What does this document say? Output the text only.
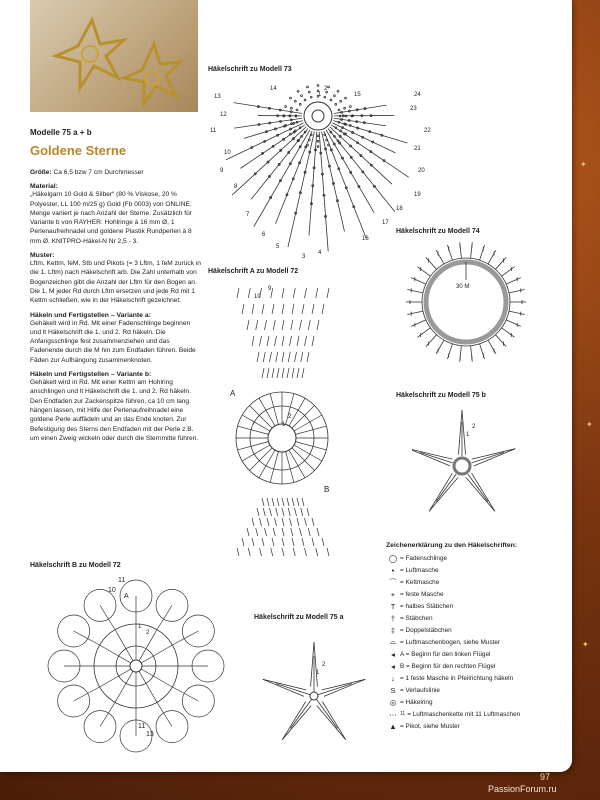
✦
✦
✦
Modelle 75 a + b
Goldene Sterne

Größe: Ca 6,5 bzw 7 cm Durchmesser

Material:

„Häkelgarn 10 Gold & Silber“ (80 % Viskose, 20 % Polyester, LL 100 m/25 g) Gold (Fb 0003) von ONLINE; Menge variiert je nach Anzahl der Sterne. Zusätzlich für Variante b von RAYHER: Hohlringe à 16 mm Ø, 1 Perlenaufreihnadel und goldene Plastik Rundperlen à 8 mm Ø. KNITPRO-Häkel-N Nr 2,5 - 3.

Muster:

Lftm, Kettm, feM, Stb und Pikots (= 3 Lftm, 1 feM zurück in die 1. Lftm) nach Häkelschrift arb. Die Zahl unterhalb von Bogenzeichen gibt die Anzahl der Lftm für den Bogen an. Die 1. M jeder Rd durch Lftm ersetzen und jede Rd mit 1 Kettm schließen, wie in der Häkelschrift gezeichnet.

Häkeln und Fertigstellen – Variante a:

Gehäkelt wird in Rd. Mit einer Fadenschlinge beginnen und lt Häkelschrift die 1. und 2. Rd häkeln. Die Anfangsschlinge fest zusammenziehen und das Fadenende durch die M hin zum Endfaden führen. Beide Fäden zur Aufhängung zusammenknoten.

Häkeln und Fertigstellen – Variante b:

Gehäkelt wird in Rd. Mit einer Kettm am Hohlring anschlingen und lt Häkelschrift die 1. und 2. Rd häkeln. Den Endfaden zur Zackenspitze führen, ca 10 cm lang hängen lassen, mit Hilfe der Perlenaufreihnadel eine goldene Perle auffädeln und an das Ende knoten. Zur Befestigung des Sterns den Endfaden mit der Perle z.B. um einen Zweig wickeln oder durch die Sternmitte führen.

Häkelschrift zu Modell 73
Häkelschrift zu Modell 74
Häkelschrift A zu Modell 72
Häkelschrift zu Modell 75 b
Häkelschrift B zu Modell 72
Häkelschrift zu Modell 75 a
1
2
3
4
5
6
7
8
9
10
11
12
13
14
15
16
17
18
19
20
21
22
23
24
30 M
A
B
9
10
1
2
1
2
11
10
A
1
2
11
13
1
2
Zeichenerklärung zu den Häkelschriften:
◯ = Fadenschlinge
• = Luftmasche
⌒ = Kettmasche
+ = feste Masche
T = halbes Stäbchen
† = Stäbchen
‡ = Doppelstäbchen
⌓ = Luftmaschenbogen, siehe Muster
◂ A = Beginn für den linken Flügel
◂ B = Beginn für den rechten Flügel
↓ = 1 feste Masche in Pfeilrichtung häkeln
S = Verlaufslinie
◎ = Häkelring
⋯ 11 = Luftmaschenkette mit 11 Luftmaschen
▲ = Pikot, siehe Muster
97
PassionForum.ru
